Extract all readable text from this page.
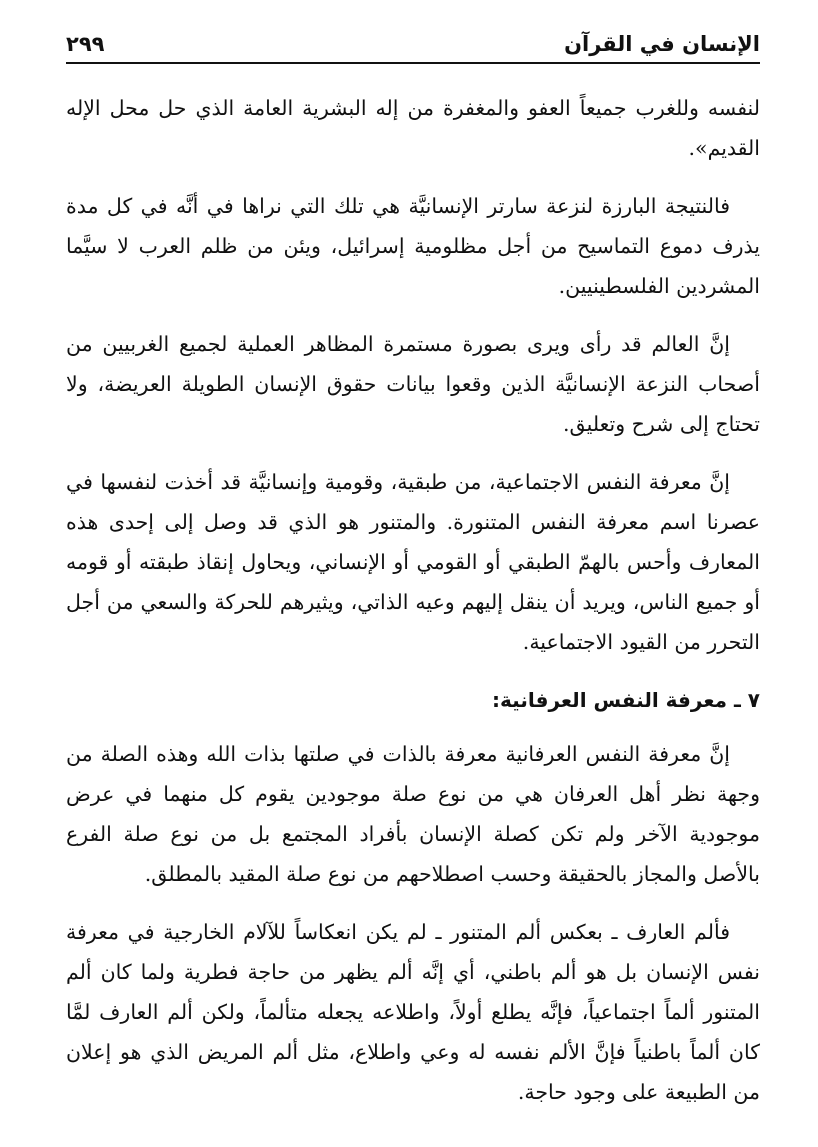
الإنسان في القرآن
٢٩٩

لنفسه وللغرب جميعاً العفو والمغفرة من إله البشرية العامة الذي حل محل الإله القديم».

فالنتيجة البارزة لنزعة سارتر الإنسانيَّة هي تلك التي نراها في أنَّه في كل مدة يذرف دموع التماسيح من أجل مظلومية إسرائيل، ويئن من ظلم العرب لا سيَّما المشردين الفلسطينيين.

إنَّ العالم قد رأى ويرى بصورة مستمرة المظاهر العملية لجميع الغربيين من أصحاب النزعة الإنسانيَّة الذين وقعوا بيانات حقوق الإنسان الطويلة العريضة، ولا تحتاج إلى شرح وتعليق.

إنَّ معرفة النفس الاجتماعية، من طبقية، وقومية وإنسانيَّة قد أخذت لنفسها في عصرنا اسم معرفة النفس المتنورة. والمتنور هو الذي قد وصل إلى إحدى هذه المعارف وأحس بالهمّ الطبقي أو القومي أو الإنساني، ويحاول إنقاذ طبقته أو قومه أو جميع الناس، ويريد أن ينقل إليهم وعيه الذاتي، ويثيرهم للحركة والسعي من أجل التحرر من القيود الاجتماعية.

٧ ـ معرفة النفس العرفانية:

إنَّ معرفة النفس العرفانية معرفة بالذات في صلتها بذات الله وهذه الصلة من وجهة نظر أهل العرفان هي من نوع صلة موجودين يقوم كل منهما في عرض موجودية الآخر ولم تكن كصلة الإنسان بأفراد المجتمع بل من نوع صلة الفرع بالأصل والمجاز بالحقيقة وحسب اصطلاحهم من نوع صلة المقيد بالمطلق.

فألم العارف ـ بعكس ألم المتنور ـ لم يكن انعكاساً للآلام الخارجية في معرفة نفس الإنسان بل هو ألم باطني، أي إنَّه ألم يظهر من حاجة فطرية ولما كان ألم المتنور ألماً اجتماعياً، فإنَّه يطلع أولاً، واطلاعه يجعله متألماً، ولكن ألم العارف لمَّا كان ألماً باطنياً فإنَّ الألم نفسه له وعي واطلاع، مثل ألم المريض الذي هو إعلان من الطبيعة على وجود حاجة.
